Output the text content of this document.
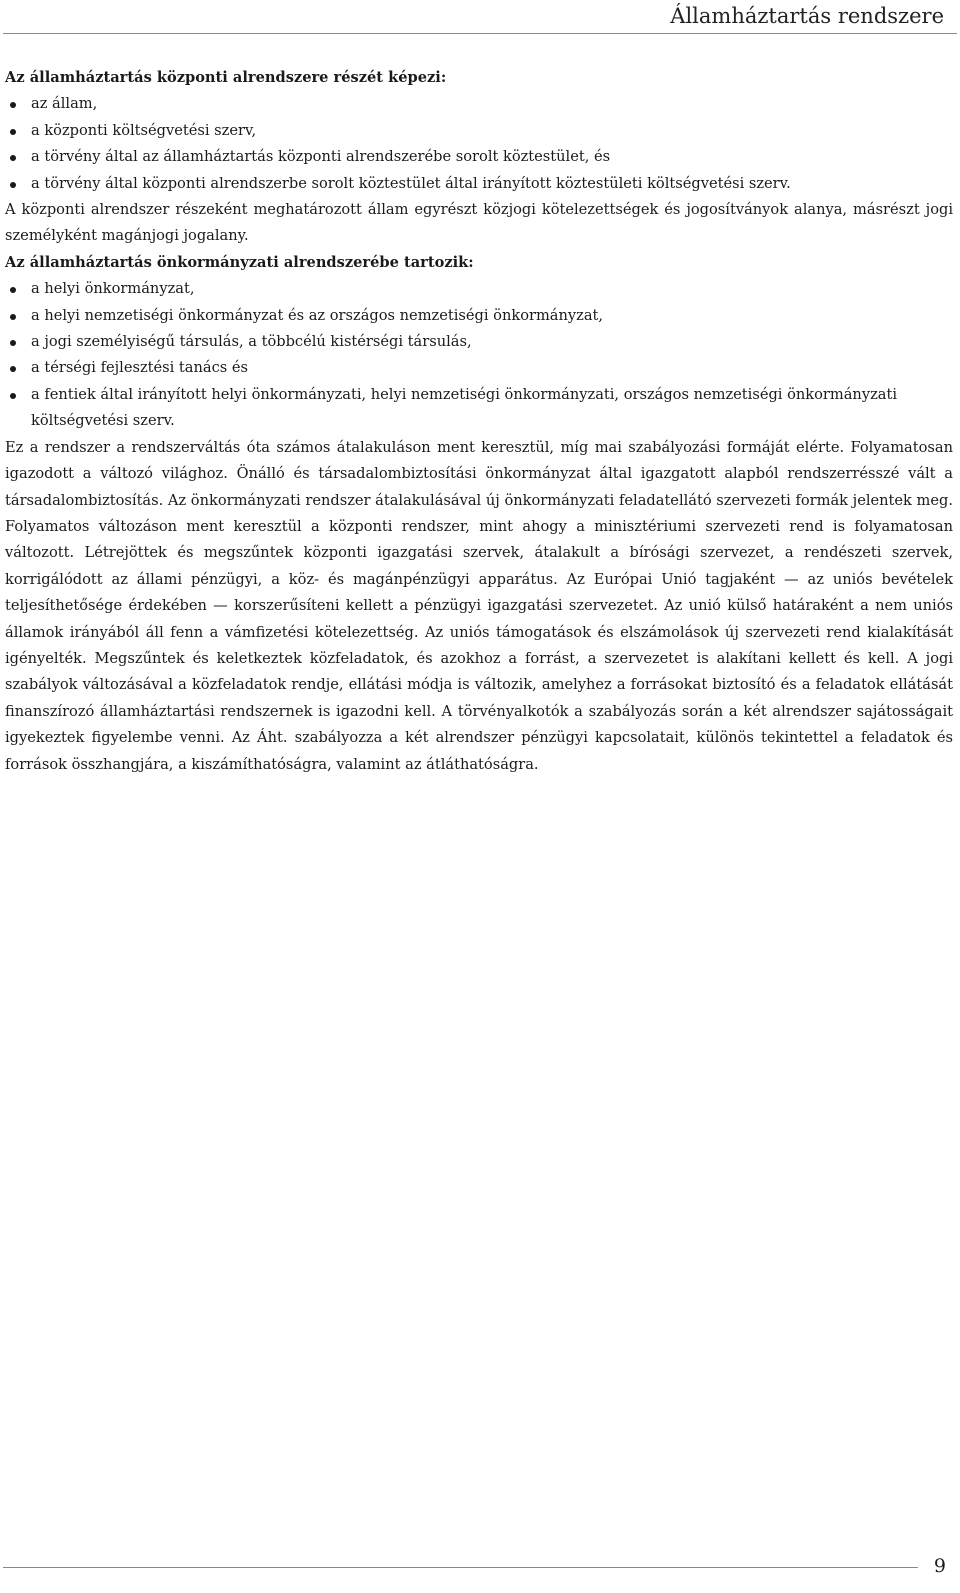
Államháztartás rendszere
Az államháztartás központi alrendszere részét képezi:
az állam,
a központi költségvetési szerv,
a törvény által az államháztartás központi alrendszerébe sorolt köztestület, és
a törvény által központi alrendszerbe sorolt köztestület által irányított köztestületi költségvetési szerv.

A központi alrendszer részeként meghatározott állam egyrészt közjogi kötelezettségek és jogosítványok alanya, másrészt jogi személyként magánjogi jogalany.

Az államháztartás önkormányzati alrendszerébe tartozik:
a helyi önkormányzat,
a helyi nemzetiségi önkormányzat és az országos nemzetiségi önkormányzat,
a jogi személyiségű társulás, a többcélú kistérségi társulás,
a térségi fejlesztési tanács és
a fentiek által irányított helyi önkormányzati, helyi nemzetiségi önkormányzati, országos nemzetiségi önkormányzati költségvetési szerv.

Ez a rendszer a rendszerváltás óta számos átalakuláson ment keresztül, míg mai szabályozási formáját elérte. Folyamatosan igazodott a változó világhoz. Önálló és társadalombiztosítási önkormányzat által igazgatott alapból rendszerrésszé vált a társadalombiztosítás. Az önkormányzati rendszer átalakulásával új önkormányzati feladatellátó szervezeti formák jelentek meg. Folyamatos változáson ment keresztül a központi rendszer, mint ahogy a minisztériumi szervezeti rend is folyamatosan változott. Létrejöttek és megszűntek központi igazgatási szervek, átalakult a bírósági szervezet, a rendészeti szervek, korrigálódott az állami pénzügyi, a köz- és magánpénzügyi apparátus. Az Európai Unió tagjaként — az uniós bevételek teljesíthetősége érdekében — korszerűsíteni kellett a pénzügyi igazgatási szervezetet. Az unió külső határaként a nem uniós államok irányából áll fenn a vámfizetési kötelezettség. Az uniós támogatások és elszámolások új szervezeti rend kialakítását igényelték. Megszűntek és keletkeztek közfeladatok, és azokhoz a forrást, a szervezetet is alakítani kellett és kell. A jogi szabályok változásával a közfeladatok rendje, ellátási módja is változik, amelyhez a forrásokat biztosító és a feladatok ellátását finanszírozó államháztartási rendszernek is igazodni kell. A törvényalkotók a szabályozás során a két alrendszer sajátosságait igyekeztek figyelembe venni. Az Áht. szabályozza a két alrendszer pénzügyi kapcsolatait, különös tekintettel a feladatok és források összhangjára, a kiszámíthatóságra, valamint az átláthatóságra.

9
